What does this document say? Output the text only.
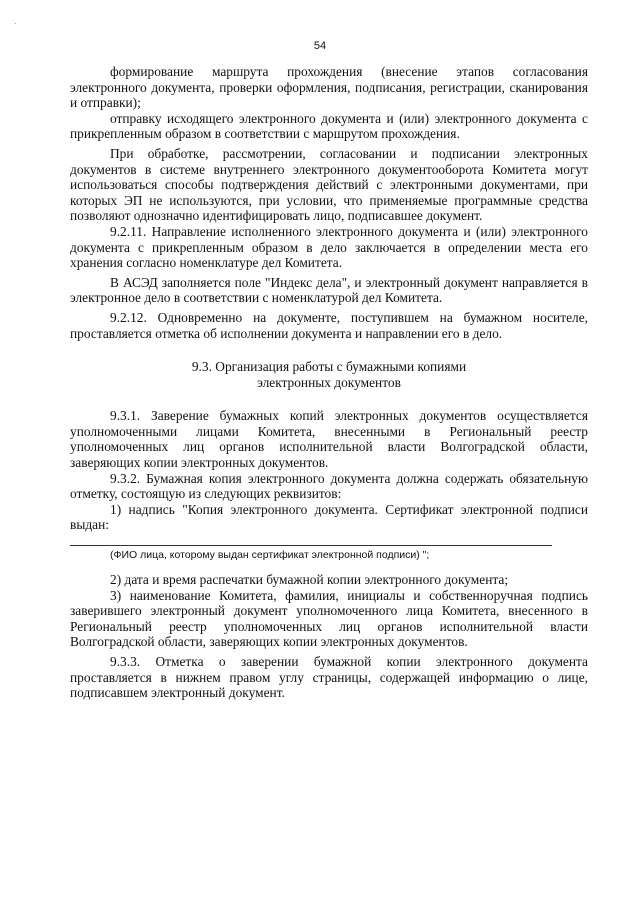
.
54

формирование маршрута прохождения (внесение этапов согласования электронного документа, проверки оформления, подписания, регистрации, сканирования и отправки);

отправку исходящего электронного документа и (или) электронного документа с прикрепленным образом в соответствии с маршрутом прохождения.

При обработке, рассмотрении, согласовании и подписании электронных документов в системе внутреннего электронного документооборота Комитета могут использоваться способы подтверждения действий с электронными документами, при которых ЭП не используются, при условии, что применяемые программные средства позволяют однозначно идентифицировать лицо, подписавшее документ.

9.2.11. Направление исполненного электронного документа и (или) электронного документа с прикрепленным образом в дело заключается в определении места его хранения согласно номенклатуре дел Комитета.

В АСЭД заполняется поле "Индекс дела", и электронный документ направляется в электронное дело в соответствии с номенклатурой дел Комитета.

9.2.12. Одновременно на документе, поступившем на бумажном носителе, проставляется отметка об исполнении документа и направлении его в дело.

9.3. Организация работы с бумажными копиями
электронных документов

9.3.1. Заверение бумажных копий электронных документов осуществляется уполномоченными лицами Комитета, внесенными в Региональный реестр уполномоченных лиц органов исполнительной власти Волгоградской области, заверяющих копии электронных документов.

9.3.2. Бумажная копия электронного документа должна содержать обязательную отметку, состоящую из следующих реквизитов:

1) надпись "Копия электронного документа. Сертификат электронной подписи выдан:

(ФИО лица, которому выдан сертификат электронной подписи) ";

2) дата и время распечатки бумажной копии электронного документа;

3) наименование Комитета, фамилия, инициалы и собственноручная подпись заверившего электронный документ уполномоченного лица Комитета, внесенного в Региональный реестр уполномоченных лиц органов исполнительной власти Волгоградской области, заверяющих копии электронных документов.

9.3.3. Отметка о заверении бумажной копии электронного документа проставляется в нижнем правом углу страницы, содержащей информацию о лице, подписавшем электронный документ.
